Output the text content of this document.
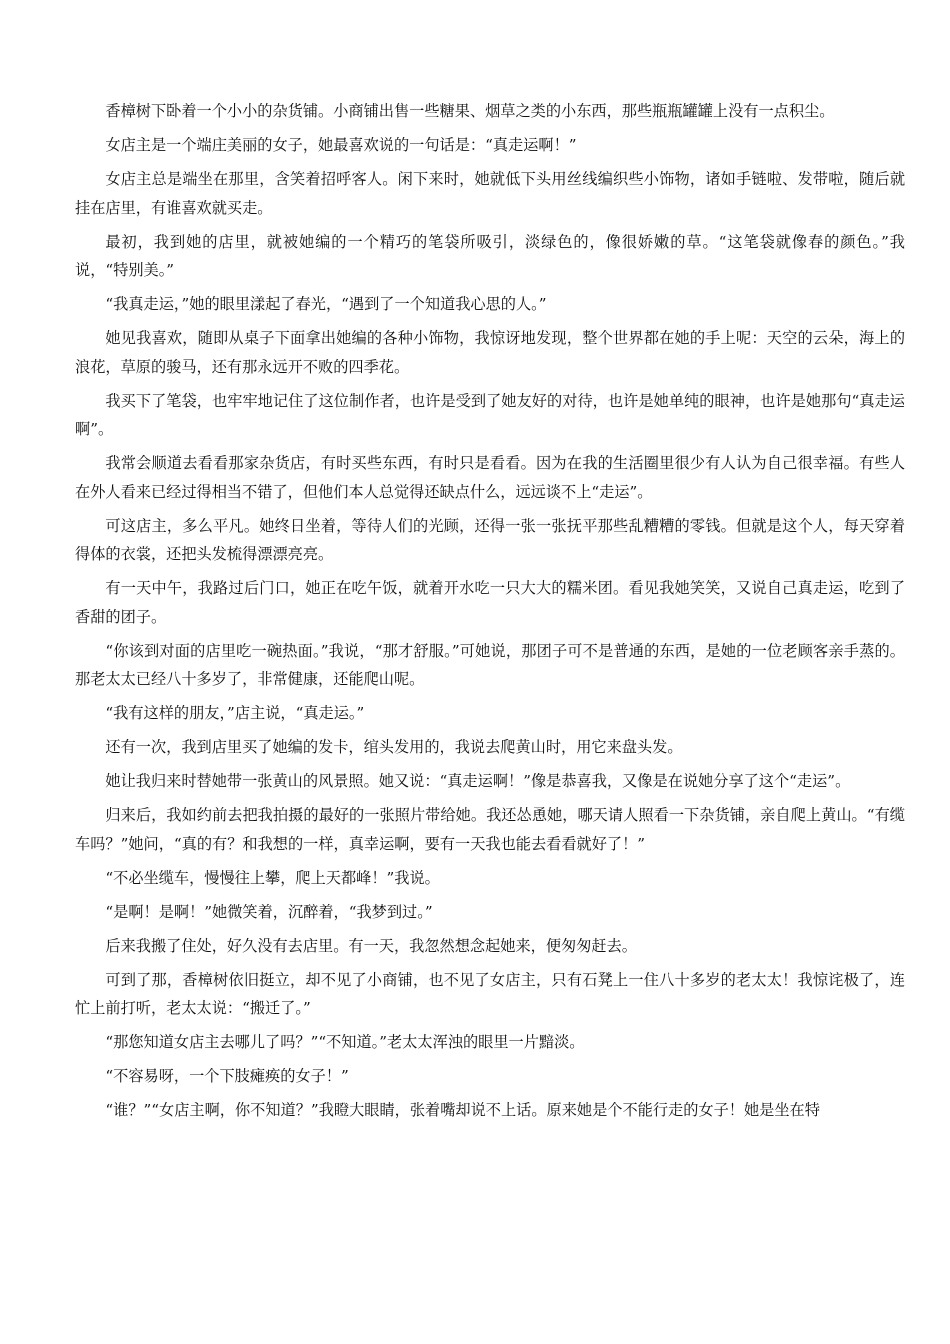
香樟树下卧着一个小小的杂货铺。小商铺出售一些糖果、烟草之类的小东西，那些瓶瓶罐罐上没有一点积尘。

女店主是一个端庄美丽的女子，她最喜欢说的一句话是：“真走运啊！”

女店主总是端坐在那里，含笑着招呼客人。闲下来时，她就低下头用丝线编织些小饰物，诸如手链啦、发带啦，随后就挂在店里，有谁喜欢就买走。

最初，我到她的店里，就被她编的一个精巧的笔袋所吸引，淡绿色的，像很娇嫩的草。“这笔袋就像春的颜色。”我说，“特别美。”

“我真走运，”她的眼里漾起了春光，“遇到了一个知道我心思的人。”

她见我喜欢，随即从桌子下面拿出她编的各种小饰物，我惊讶地发现，整个世界都在她的手上呢：天空的云朵，海上的浪花，草原的骏马，还有那永远开不败的四季花。

我买下了笔袋，也牢牢地记住了这位制作者，也许是受到了她友好的对待，也许是她单纯的眼神，也许是她那句“真走运啊”。

我常会顺道去看看那家杂货店，有时买些东西，有时只是看看。因为在我的生活圈里很少有人认为自己很幸福。有些人在外人看来已经过得相当不错了，但他们本人总觉得还缺点什么，远远谈不上“走运”。

可这店主，多么平凡。她终日坐着，等待人们的光顾，还得一张一张抚平那些乱糟糟的零钱。但就是这个人，每天穿着得体的衣裳，还把头发梳得漂漂亮亮。

有一天中午，我路过后门口，她正在吃午饭，就着开水吃一只大大的糯米团。看见我她笑笑，又说自己真走运，吃到了香甜的团子。

“你该到对面的店里吃一碗热面。”我说，“那才舒服。”可她说，那团子可不是普通的东西，是她的一位老顾客亲手蒸的。那老太太已经八十多岁了，非常健康，还能爬山呢。

“我有这样的朋友，”店主说，“真走运。”

还有一次，我到店里买了她编的发卡，绾头发用的，我说去爬黄山时，用它来盘头发。

她让我归来时替她带一张黄山的风景照。她又说：“真走运啊！”像是恭喜我，又像是在说她分享了这个“走运”。

归来后，我如约前去把我拍摄的最好的一张照片带给她。我还怂恿她，哪天请人照看一下杂货铺，亲自爬上黄山。“有缆车吗？”她问，“真的有？和我想的一样，真幸运啊，要有一天我也能去看看就好了！”

“不必坐缆车，慢慢往上攀，爬上天都峰！”我说。

“是啊！是啊！”她微笑着，沉醉着，“我梦到过。”

后来我搬了住处，好久没有去店里。有一天，我忽然想念起她来，便匆匆赶去。

可到了那，香樟树依旧挺立，却不见了小商铺，也不见了女店主，只有石凳上一住八十多岁的老太太！我惊诧极了，连忙上前打听，老太太说：“搬迁了。”

“那您知道女店主去哪儿了吗？”“不知道。”老太太浑浊的眼里一片黯淡。

“不容易呀，一个下肢瘫痪的女子！”

“谁？”“女店主啊，你不知道？”我瞪大眼睛，张着嘴却说不上话。原来她是个不能行走的女子！她是坐在特
